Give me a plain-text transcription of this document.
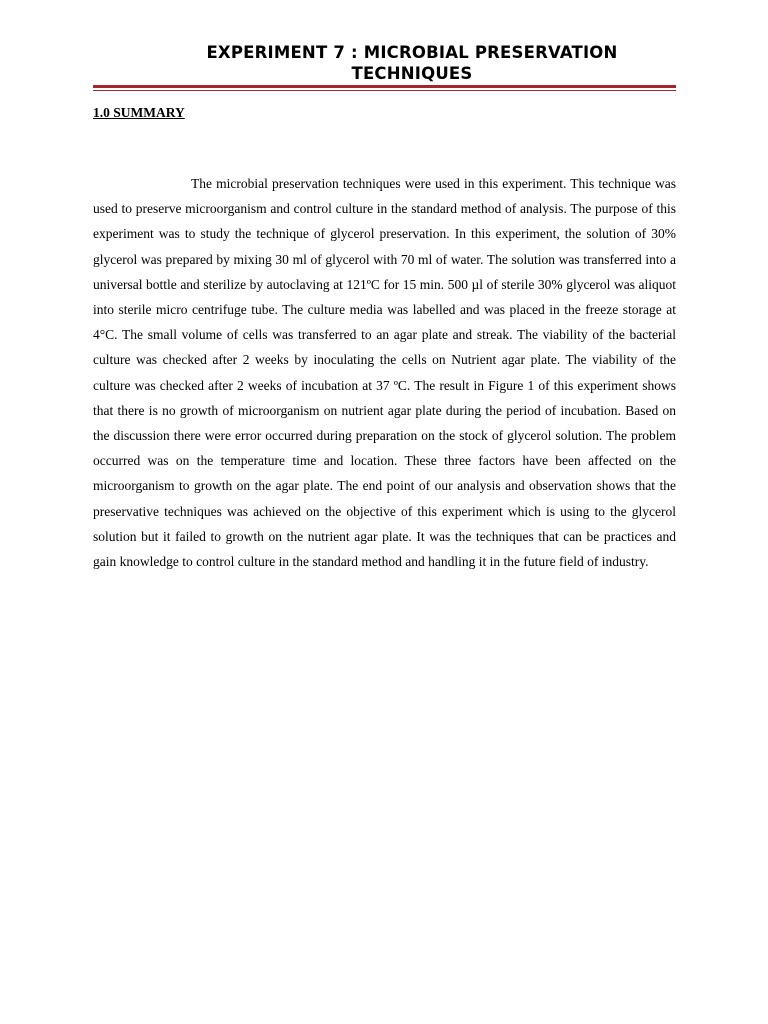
EXPERIMENT 7 : MICROBIAL PRESERVATION
TECHNIQUES
1.0 SUMMARY

The microbial preservation techniques were used in this experiment. This technique was used to preserve microorganism and control culture in the standard method of analysis. The purpose of this experiment was to study the technique of glycerol preservation. In this experiment, the solution of 30% glycerol was prepared by mixing 30 ml of glycerol with 70 ml of water. The solution was transferred into a universal bottle and sterilize by autoclaving at 121ºC for 15 min. 500 µl of sterile 30% glycerol was aliquot into sterile micro centrifuge tube. The culture media was labelled and was placed in the freeze storage at 4°C. The small volume of cells was transferred to an agar plate and streak. The viability of the bacterial culture was checked after 2 weeks by inoculating the cells on Nutrient agar plate. The viability of the culture was checked after 2 weeks of incubation at 37 ºC. The result in Figure 1 of this experiment shows that there is no growth of microorganism on nutrient agar plate during the period of incubation. Based on the discussion there were error occurred during preparation on the stock of glycerol solution. The problem occurred was on the temperature time and location. These three factors have been affected on the microorganism to growth on the agar plate. The end point of our analysis and observation shows that the preservative techniques was achieved on the objective of this experiment which is using to the glycerol solution but it failed to growth on the nutrient agar plate. It was the techniques that can be practices and gain knowledge to control culture in the standard method and handling it in the future field of industry.
